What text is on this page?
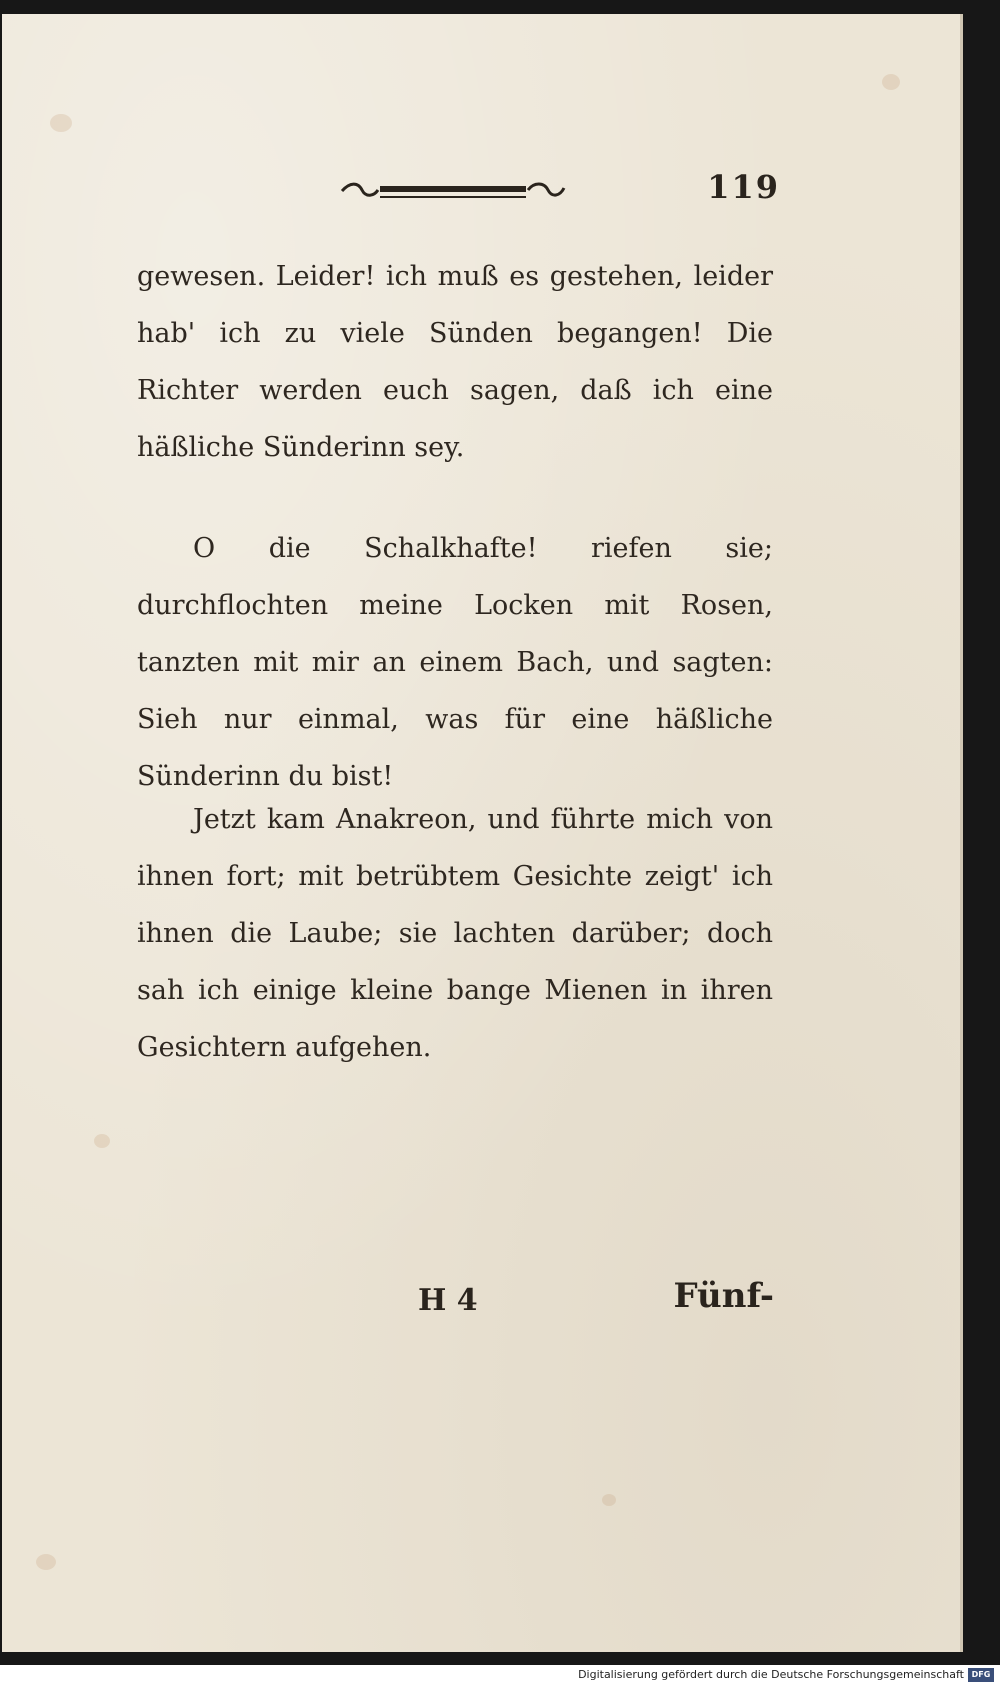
119

gewesen. Leider! ich muß es gestehen, leider hab' ich zu viele Sünden begangen! Die Richter werden euch sagen, daß ich eine häßliche Sünderinn sey.

O die Schalkhafte! riefen sie; durchflochten meine Locken mit Rosen, tanzten mit mir an einem Bach, und sagten: Sieh nur einmal, was für eine häßliche Sünderinn du bist!

Jetzt kam Anakreon, und führte mich von ihnen fort; mit betrübtem Gesichte zeigt' ich ihnen die Laube; sie lachten darüber; doch sah ich einige kleine bange Mienen in ihren Gesichtern aufgehen.

H 4	Fünf-
Digitalisierung gefördert durch die Deutsche Forschungsgemeinschaft DFG
